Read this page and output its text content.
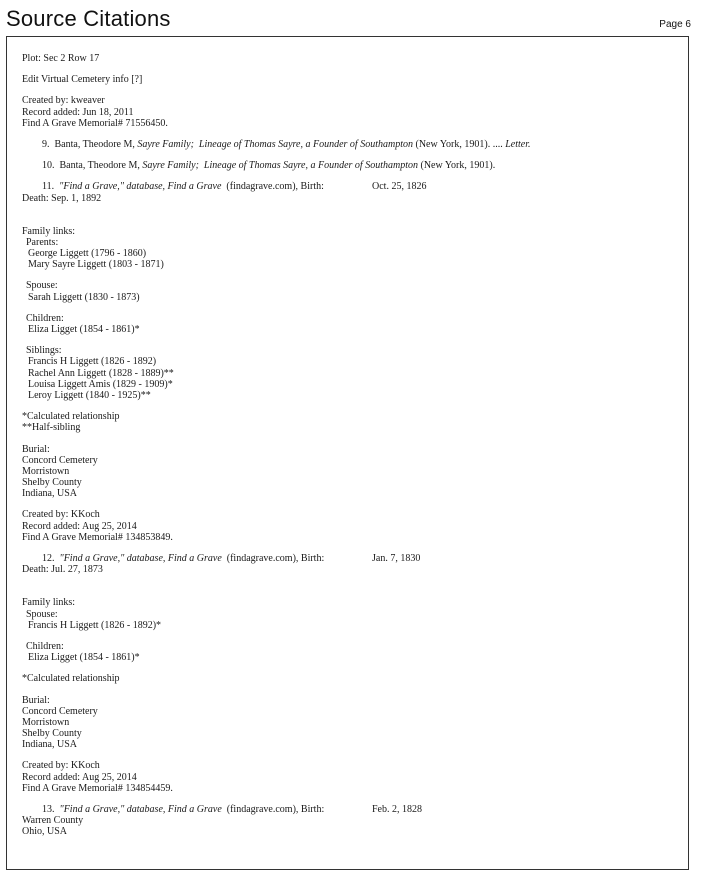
Source Citations	Page 6
Plot: Sec 2 Row 17
Edit Virtual Cemetery info [?]
Created by: kweaver
Record added: Jun 18, 2011
Find A Grave Memorial# 71556450.
9. Banta, Theodore M, Sayre Family; Lineage of Thomas Sayre, a Founder of Southampton (New York, 1901). .... Letter.
10. Banta, Theodore M, Sayre Family; Lineage of Thomas Sayre, a Founder of Southampton (New York, 1901).
11. "Find a Grave," database, Find a Grave (findagrave.com), Birth:	Oct. 25, 1826
Death: Sep. 1, 1892
Family links:
Parents:
George Liggett (1796 - 1860)
Mary Sayre Liggett (1803 - 1871)
Spouse:
Sarah Liggett (1830 - 1873)
Children:
Eliza Ligget (1854 - 1861)*
Siblings:
Francis H Liggett (1826 - 1892)
Rachel Ann Liggett (1828 - 1889)**
Louisa Liggett Amis (1829 - 1909)*
Leroy Liggett (1840 - 1925)**
*Calculated relationship
**Half-sibling
Burial:
Concord Cemetery
Morristown
Shelby County
Indiana, USA
Created by: KKoch
Record added: Aug 25, 2014
Find A Grave Memorial# 134853849.
12. "Find a Grave," database, Find a Grave (findagrave.com), Birth:	Jan. 7, 1830
Death: Jul. 27, 1873
Family links:
Spouse:
Francis H Liggett (1826 - 1892)*
Children:
Eliza Ligget (1854 - 1861)*
*Calculated relationship
Burial:
Concord Cemetery
Morristown
Shelby County
Indiana, USA
Created by: KKoch
Record added: Aug 25, 2014
Find A Grave Memorial# 134854459.
13. "Find a Grave," database, Find a Grave (findagrave.com), Birth:	Feb. 2, 1828
Warren County
Ohio, USA
